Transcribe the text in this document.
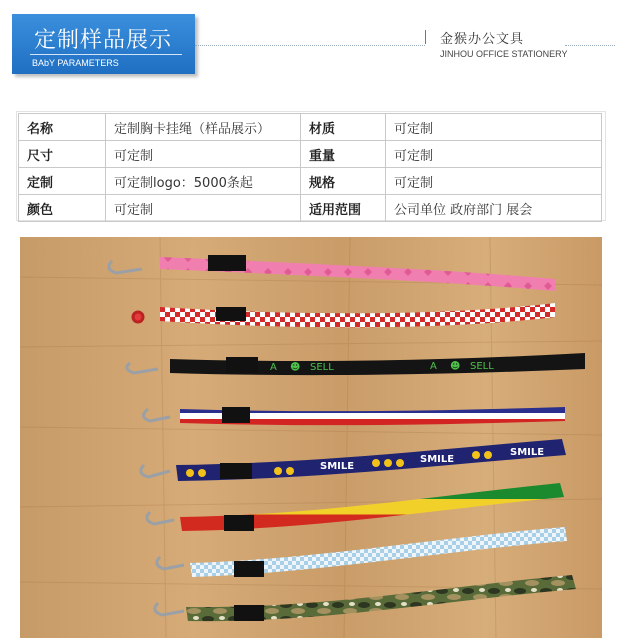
定制样品展示
BAbY PARAMETERS
金猴办公文具
JINHOU OFFICE STATIONERY
名称	定制胸卡挂绳（样品展示）	材质	可定制
尺寸	可定制	重量	可定制
定制	可定制logo：5000条起	规格	可定制
颜色	可定制	适用范围	公司单位 政府部门 展会
A ☻ SELL	A ☻ SELL
SMILE
SMILE
SMILE
